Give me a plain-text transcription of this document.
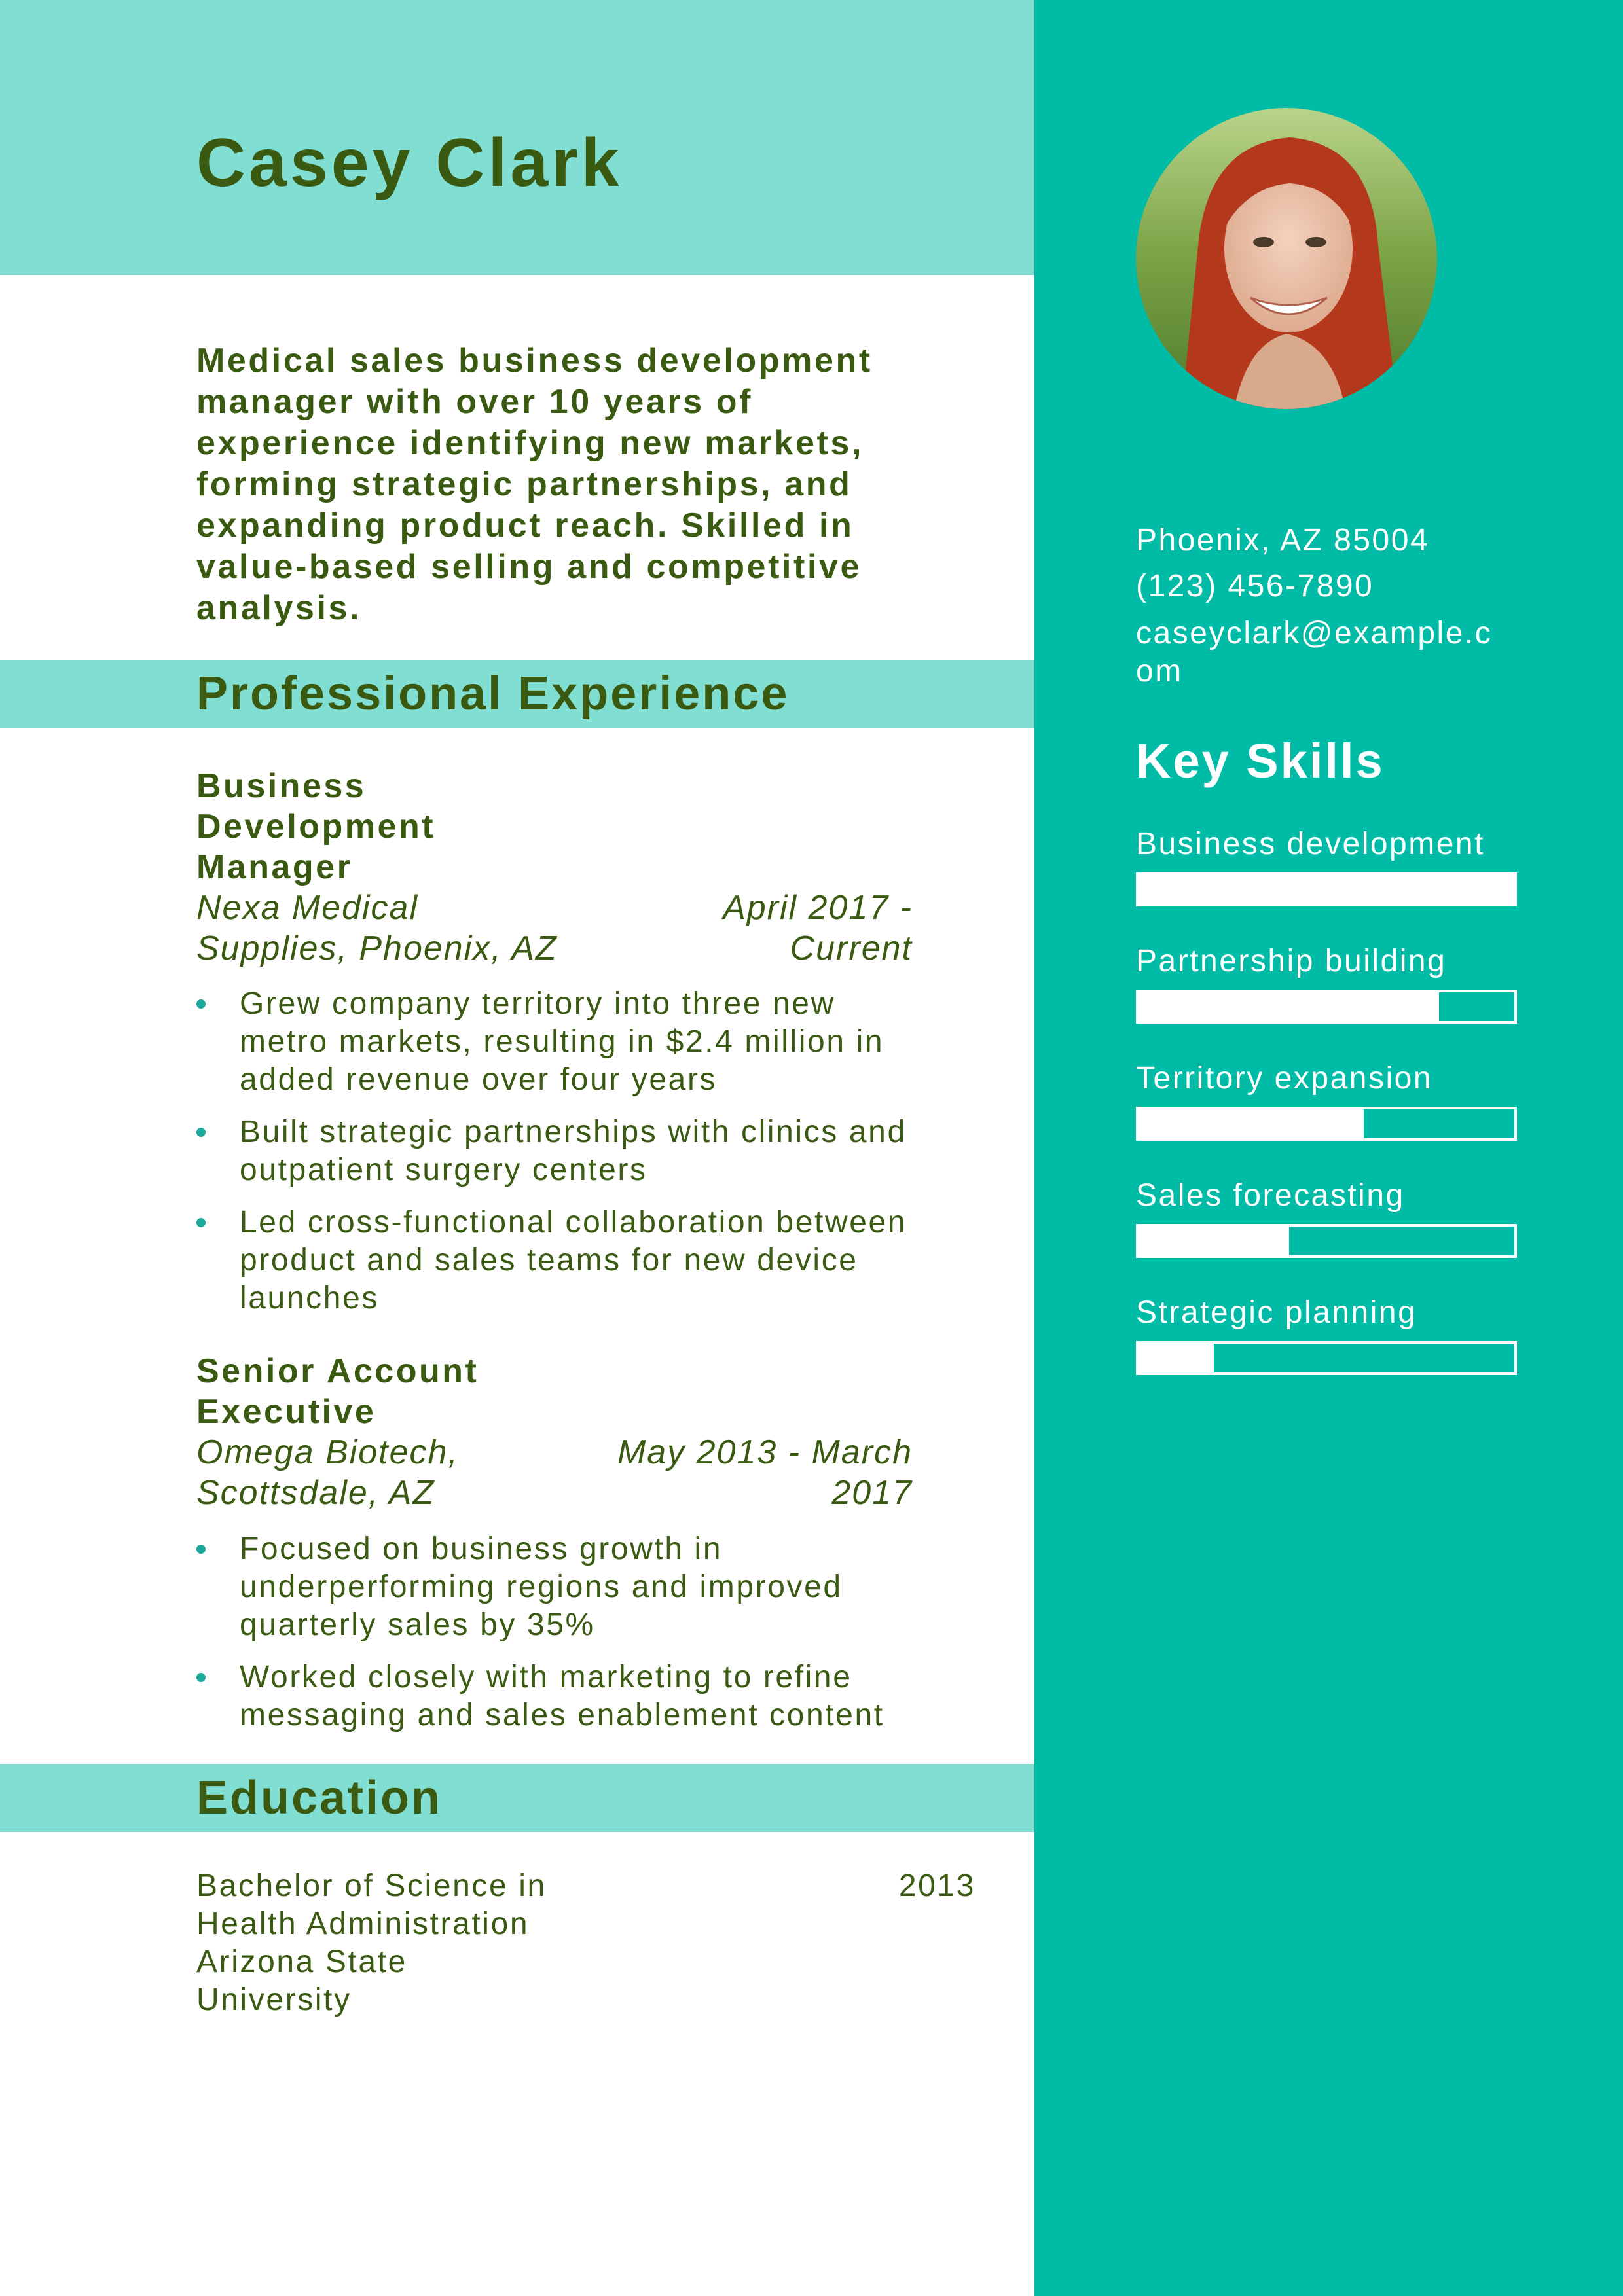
Casey Clark
Medical sales business development manager with over 10 years of experience identifying new markets, forming strategic partnerships, and expanding product reach. Skilled in value-based selling and competitive analysis.
Professional Experience
Business
Development
Manager
Nexa Medical
Supplies, Phoenix, AZ
April 2017 -
Current
Grew company territory into three new
metro markets, resulting in $2.4 million in
added revenue over four years
Built strategic partnerships with clinics and
outpatient surgery centers
Led cross-functional collaboration between
product and sales teams for new device
launches
Senior Account
Executive
Omega Biotech,
Scottsdale, AZ
May 2013 - March
2017
Focused on business growth in
underperforming regions and improved
quarterly sales by 35%
Worked closely with marketing to refine
messaging and sales enablement content
Education
Bachelor of Science in
Health Administration
Arizona State
University
2013
Phoenix, AZ 85004
(123) 456-7890
caseyclark@example.c
om
Key Skills
Business development
Partnership building
Territory expansion
Sales forecasting
Strategic planning
